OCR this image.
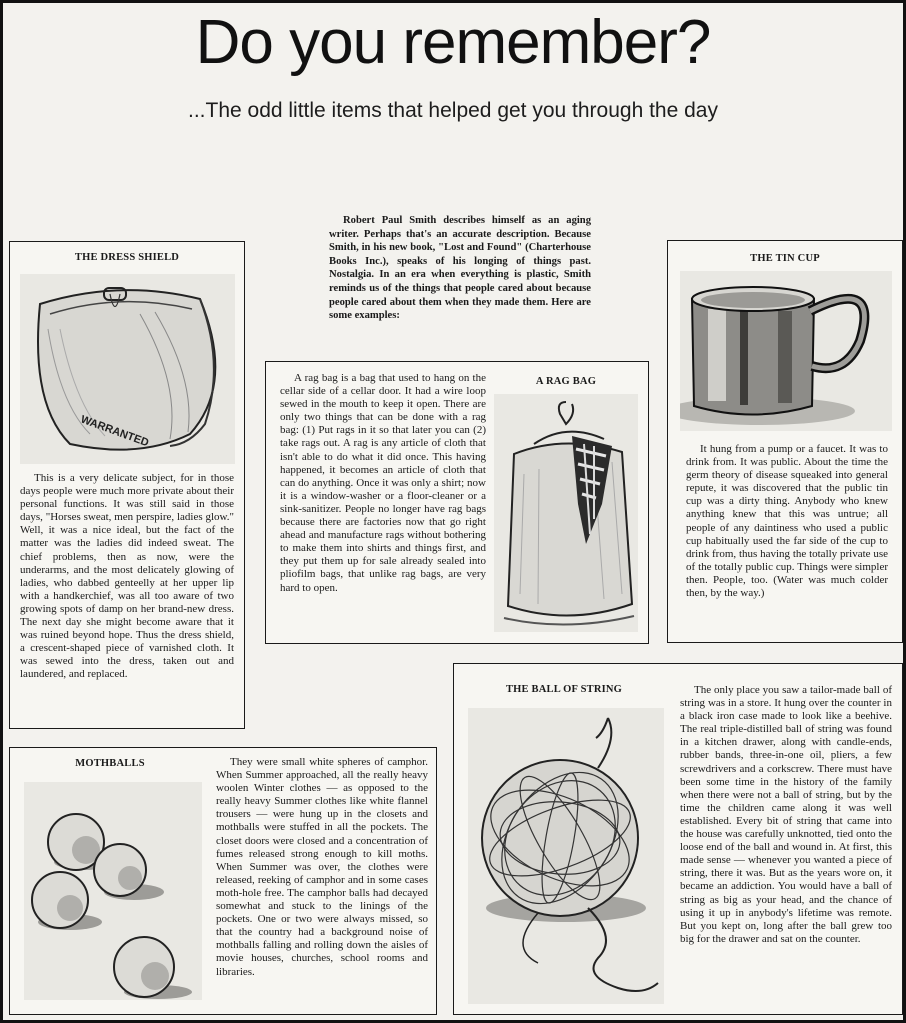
Do you remember?
...The odd little items that helped get you through the day

Robert Paul Smith describes himself as an aging writer. Perhaps that's an accurate description. Because Smith, in his new book, "Lost and Found" (Charterhouse Books Inc.), speaks of his longing of things past. Nostalgia. In an era when everything is plastic, Smith reminds us of the things that people cared about because people cared about them when they made them. Here are some examples:

THE DRESS SHIELD
WARRANTED

This is a very delicate subject, for in those days people were much more private about their personal functions. It was still said in those days, "Horses sweat, men perspire, ladies glow." Well, it was a nice ideal, but the fact of the matter was the ladies did indeed sweat. The chief problems, then as now, were the underarms, and the most delicately glowing of ladies, who dabbed genteelly at her upper lip with a handkerchief, was all too aware of two growing spots of damp on her brand-new dress. The next day she might become aware that it was ruined beyond hope. Thus the dress shield, a crescent-shaped piece of varnished cloth. It was sewed into the dress, taken out and laundered, and replaced.

THE TIN CUP

It hung from a pump or a faucet. It was to drink from. It was public. About the time the germ theory of disease squeaked into general repute, it was discovered that the public tin cup was a dirty thing. Anybody who knew anything knew that this was untrue; all people of any daintiness who used a public cup habitually used the far side of the cup to drink from, thus having the totally private use of the totally public cup. Things were simpler then. People, too. (Water was much colder then, by the way.)

A rag bag is a bag that used to hang on the cellar side of a cellar door. It had a wire loop sewed in the mouth to keep it open. There are only two things that can be done with a rag bag: (1) Put rags in it so that later you can (2) take rags out. A rag is any article of cloth that isn't able to do what it did once. This having happened, it becomes an article of cloth that can do anything. Once it was only a shirt; now it is a window-washer or a floor-cleaner or a sink-sanitizer. People no longer have rag bags because there are factories now that go right ahead and manufacture rags without bothering to make them into shirts and things first, and they put them up for sale already sealed into pliofilm bags, that unlike rag bags, are very hard to open.

A RAG BAG
MOTHBALLS	They were small white spheres of camphor. When Summer approached, all the really heavy woolen Winter clothes — as opposed to the really heavy Summer clothes like white flannel trousers — were hung up in the closets and mothballs were stuffed in all the pockets. The closet doors were closed and a concentration of fumes released strong enough to kill moths. When Summer was over, the clothes were released, reeking of camphor and in some cases moth-hole free. The camphor balls had decayed somewhat and stuck to the linings of the pockets. One or two were always missed, so that the country had a background noise of mothballs falling and rolling down the aisles of movie houses, churches, school rooms and libraries.

THE BALL OF STRING	The only place you saw a tailor-made ball of string was in a store. It hung over the counter in a black iron case made to look like a beehive. The real triple-distilled ball of string was found in a kitchen drawer, along with candle-ends, rubber bands, three-in-one oil, pliers, a few screwdrivers and a corkscrew. There must have been some time in the history of the family when there were not a ball of string, but by the time the children came along it was well established. Every bit of string that came into the house was carefully unknotted, tied onto the loose end of the ball and wound in. At first, this made sense — whenever you wanted a piece of string, there it was. But as the years wore on, it became an addiction. You would have a ball of string as big as your head, and the chance of using it up in anybody's lifetime was remote. But you kept on, long after the ball grew too big for the drawer and sat on the counter.
